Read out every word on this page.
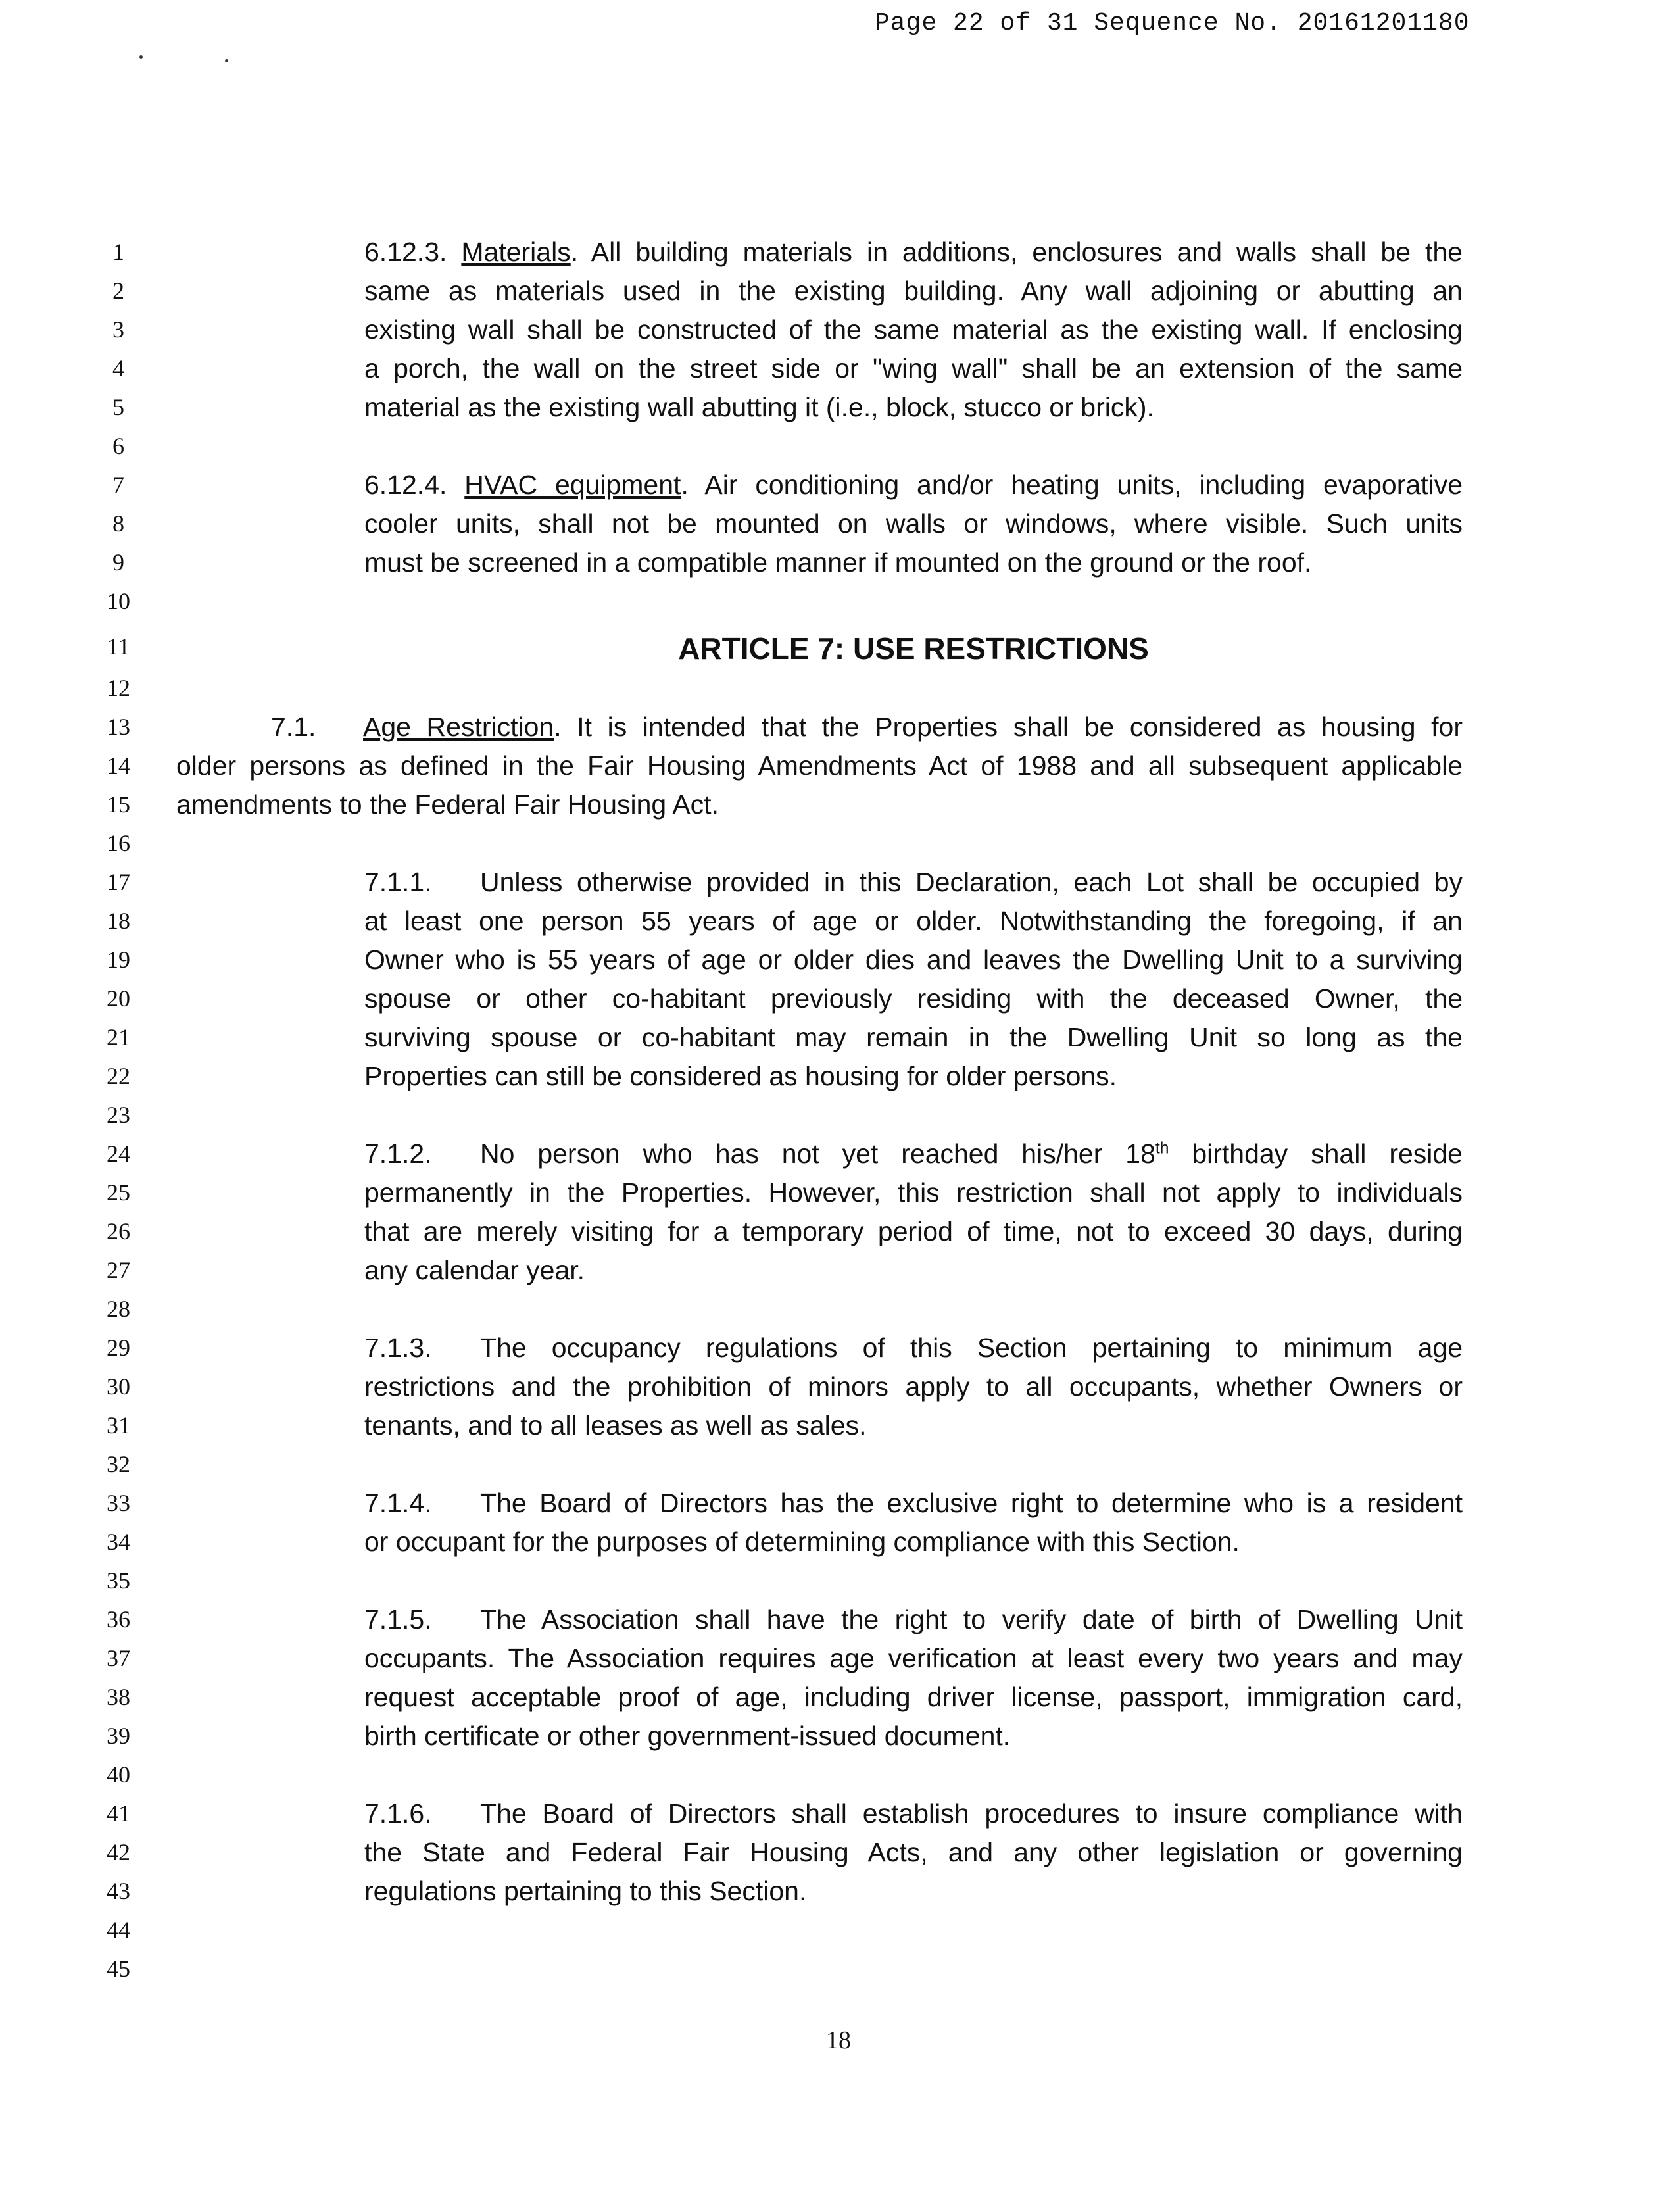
Page 22 of 31 Sequence No. 20161201180
1
2
3
4
5
6
7
8
9
10
11
12
13
14
15
16
17
18
19
20
21
22
23
24
25
26
27
28
29
30
31
32
33
34
35
36
37
38
39
40
41
42
43
44
45
6.12.3. Materials. All building materials in additions, enclosures and walls shall be the
same as materials used in the existing building. Any wall adjoining or abutting an
existing wall shall be constructed of the same material as the existing wall. If enclosing
a porch, the wall on the street side or "wing wall" shall be an extension of the same
material as the existing wall abutting it (i.e., block, stucco or brick).
6.12.4. HVAC equipment. Air conditioning and/or heating units, including evaporative
cooler units, shall not be mounted on walls or windows, where visible. Such units
must be screened in a compatible manner if mounted on the ground or the roof.
ARTICLE 7: USE RESTRICTIONS
7.1. Age Restriction. It is intended that the Properties shall be considered as housing for
older persons as defined in the Fair Housing Amendments Act of 1988 and all subsequent applicable
amendments to the Federal Fair Housing Act.
7.1.1. Unless otherwise provided in this Declaration, each Lot shall be occupied by
at least one person 55 years of age or older. Notwithstanding the foregoing, if an
Owner who is 55 years of age or older dies and leaves the Dwelling Unit to a surviving
spouse or other co-habitant previously residing with the deceased Owner, the
surviving spouse or co-habitant may remain in the Dwelling Unit so long as the
Properties can still be considered as housing for older persons.
7.1.2. No person who has not yet reached his/her 18th birthday shall reside
permanently in the Properties. However, this restriction shall not apply to individuals
that are merely visiting for a temporary period of time, not to exceed 30 days, during
any calendar year.
7.1.3. The occupancy regulations of this Section pertaining to minimum age
restrictions and the prohibition of minors apply to all occupants, whether Owners or
tenants, and to all leases as well as sales.
7.1.4. The Board of Directors has the exclusive right to determine who is a resident
or occupant for the purposes of determining compliance with this Section.
7.1.5. The Association shall have the right to verify date of birth of Dwelling Unit
occupants. The Association requires age verification at least every two years and may
request acceptable proof of age, including driver license, passport, immigration card,
birth certificate or other government-issued document.
7.1.6. The Board of Directors shall establish procedures to insure compliance with
the State and Federal Fair Housing Acts, and any other legislation or governing
regulations pertaining to this Section.
18
